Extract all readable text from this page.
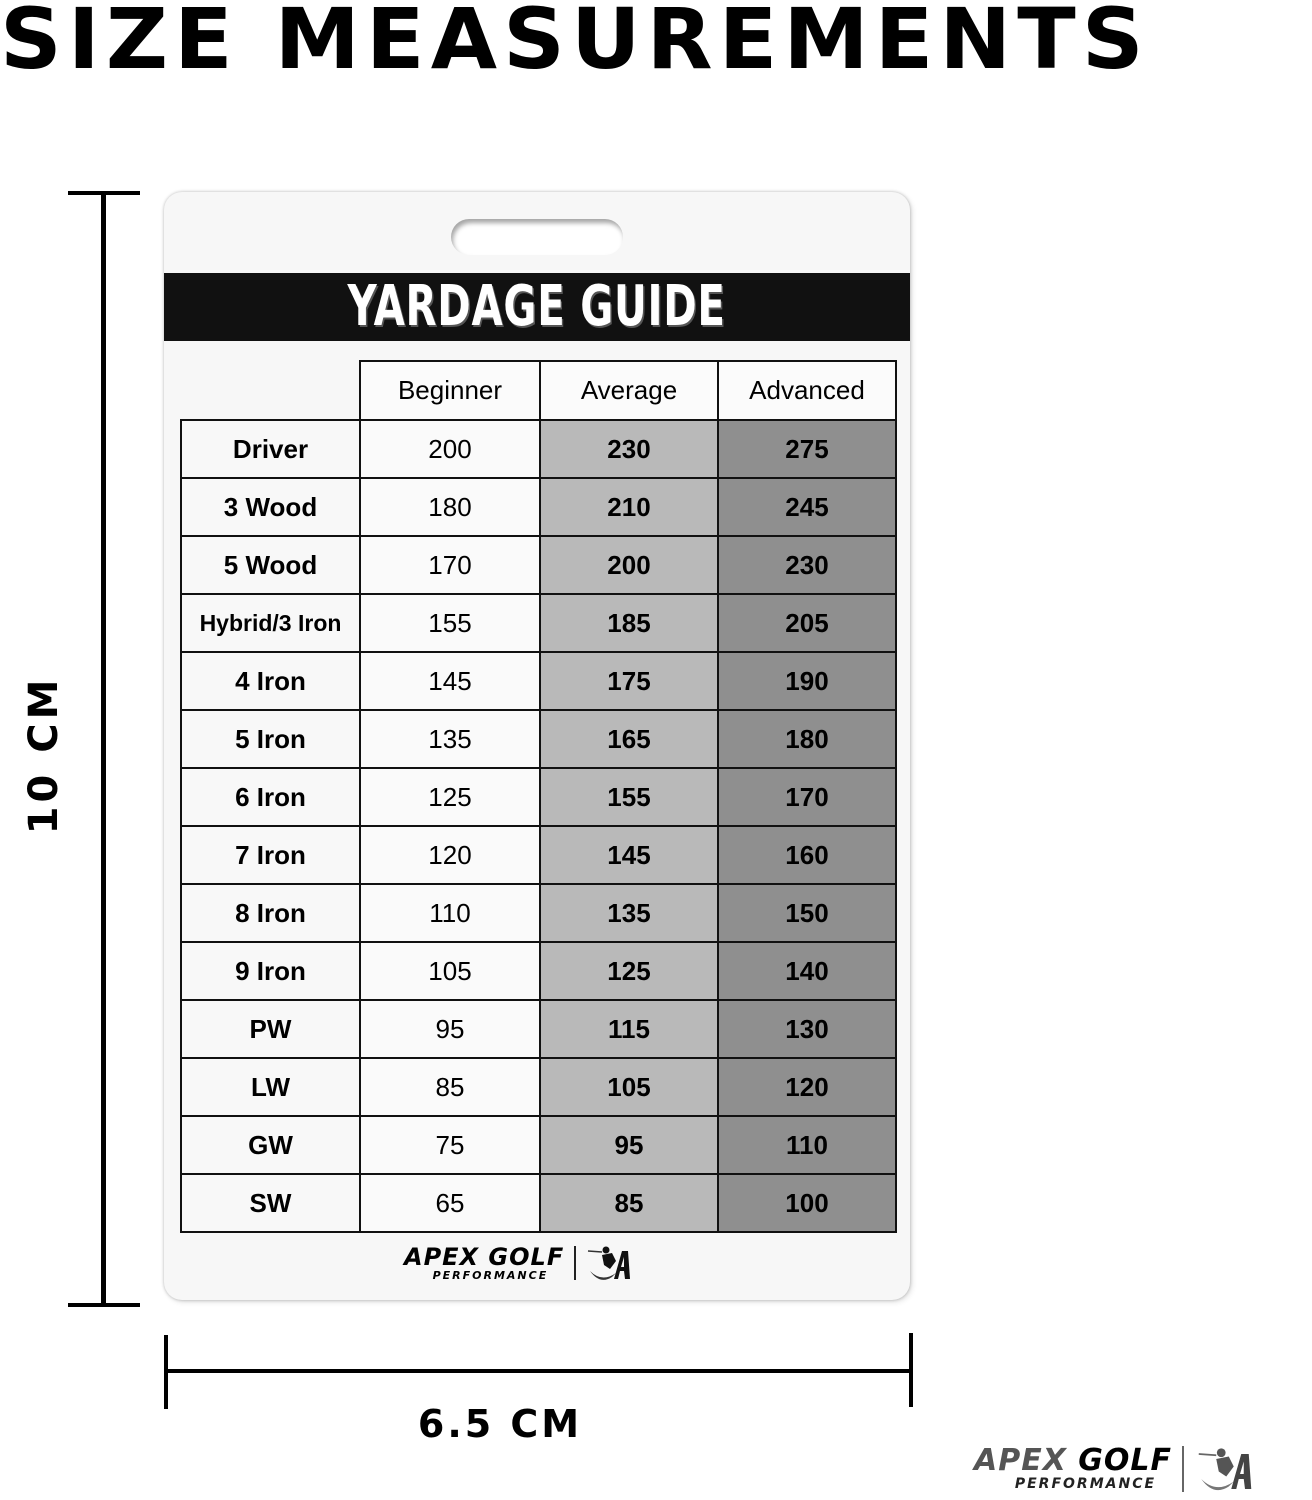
SIZE MEASUREMENTS
10 CM
YARDAGE GUIDE
	Beginner	Average	Advanced
Driver	200	230	275
3 Wood	180	210	245
5 Wood	170	200	230
Hybrid/3 Iron	155	185	205
4 Iron	145	175	190
5 Iron	135	165	180
6 Iron	125	155	170
7 Iron	120	145	160
8 Iron	110	135	150
9 Iron	105	125	140
PW	95	115	130
LW	85	105	120
GW	75	95	110
SW	65	85	100
APEX GOLF
PERFORMANCE
6.5 CM
APEX GOLF
PERFORMANCE
